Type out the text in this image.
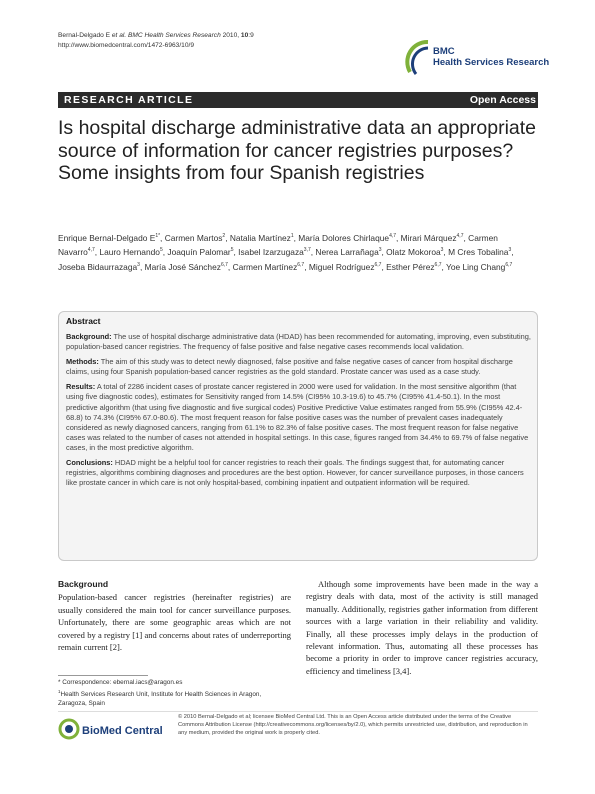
Bernal-Delgado E et al. BMC Health Services Research 2010, 10:9
http://www.biomedcentral.com/1472-6963/10/9
BMC
Health Services Research
RESEARCH ARTICLE	Open Access
Is hospital discharge administrative data an appropriate source of information for cancer registries purposes? Some insights from four Spanish registries
Enrique Bernal-Delgado $E^{1*}$, Carmen Martos$^2$, Natalia Martínez$^1$, María Dolores Chirlaque$^{4,7}$, Mirari Márquez$^{4,7}$, Carmen Navarro$^{4,7}$, Lauro Hernando$^5$, Joaquín Palomar$^5$, Isabel Izarzugaza$^{3,7}$, Nerea Larrañaga$^3$, Olatz Mokoroa$^3$, M Cres Tobalina$^3$, Joseba Bidaurrazaga$^3$, María José Sánchez$^{6,7}$, Carmen Martínez$^{6,7}$, Miguel Rodríguez$^{6,7}$, Esther Pérez$^{6,7}$, Yoe Ling Chang$^{6,7}$
Abstract

Background: The use of hospital discharge administrative data (HDAD) has been recommended for automating, improving, even substituting, population-based cancer registries. The frequency of false positive and false negative cases recommends local validation.

Methods: The aim of this study was to detect newly diagnosed, false positive and false negative cases of cancer from hospital discharge claims, using four Spanish population-based cancer registries as the gold standard. Prostate cancer was used as a case study.

Results: A total of 2286 incident cases of prostate cancer registered in 2000 were used for validation. In the most sensitive algorithm (that using five diagnostic codes), estimates for Sensitivity ranged from 14.5% (CI95% 10.3-19.6) to 45.7% (CI95% 41.4-50.1). In the most predictive algorithm (that using five diagnostic and five surgical codes) Positive Predictive Value estimates ranged from 55.9% (CI95% 42.4-68.8) to 74.3% (CI95% 67.0-80.6). The most frequent reason for false positive cases was the number of prevalent cases inadequately considered as newly diagnosed cancers, ranging from 61.1% to 82.3% of false positive cases. The most frequent reason for false negative cases was related to the number of cases not attended in hospital settings. In this case, figures ranged from 34.4% to 69.7% of false negative cases, in the most predictive algorithm.

Conclusions: HDAD might be a helpful tool for cancer registries to reach their goals. The findings suggest that, for automating cancer registries, algorithms combining diagnoses and procedures are the best option. However, for cancer surveillance purposes, in those cancers like prostate cancer in which care is not only hospital-based, combining inpatient and outpatient information will be required.

Background

Population-based cancer registries (hereinafter registries) are usually considered the main tool for cancer surveillance purposes. Unfortunately, there are some geographic areas which are not covered by a registry [1] and concerns about rates of underreporting remain current [2].

Although some improvements have been made in the way a registry deals with data, most of the activity is still managed manually. Additionally, registries gather information from different sources with a large variation in their reliability and validity. Finally, all these processes imply delays in the production of relevant information. Thus, automating all these processes has become a priority in order to improve cancer registries accuracy, efficiency and timeliness [3,4].

* Correspondence: ebernal.iacs@aragon.es
$^1$Health Services Research Unit, Institute for Health Sciences in Aragon, Zaragoza, Spain
BioMed Central
© 2010 Bernal-Delgado et al; licensee BioMed Central Ltd. This is an Open Access article distributed under the terms of the Creative Commons Attribution License (http://creativecommons.org/licenses/by/2.0), which permits unrestricted use, distribution, and reproduction in any medium, provided the original work is properly cited.
